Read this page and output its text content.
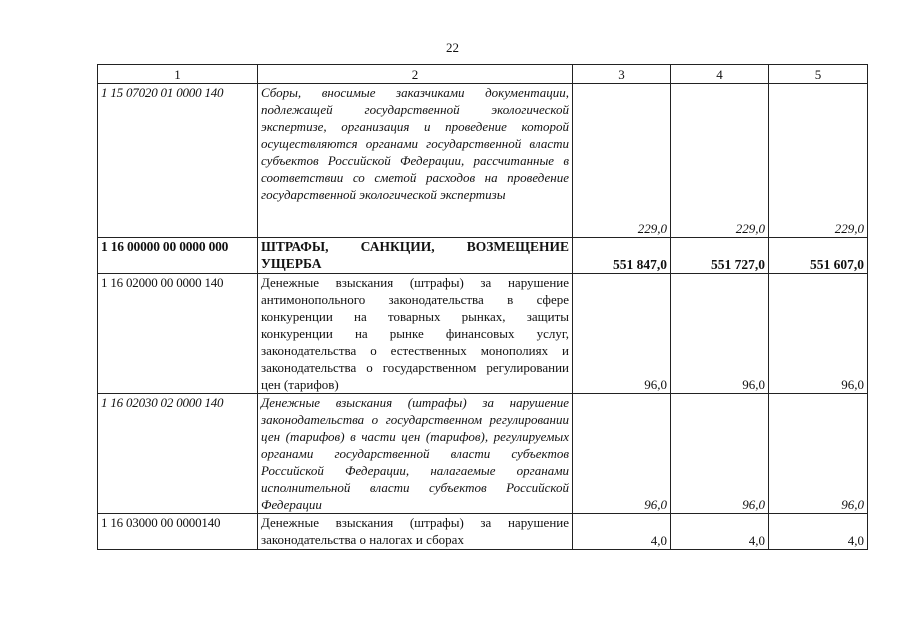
22
1	2	3	4	5
1 15 07020 01 0000 140	Сборы, вносимые заказчиками документации, подлежащей государственной экологической экспертизе, организация и проведение которой осуществляются органами государственной власти субъектов Российской Федерации, рассчитанные в соответствии со сметой расходов на проведение государственной экологической экспертизы	229,0	229,0	229,0
1 16 00000 00 0000 000	ШТРАФЫ, САНКЦИИ, ВОЗМЕЩЕНИЕ УЩЕРБА	551 847,0	551 727,0	551 607,0
1 16 02000 00 0000 140	Денежные взыскания (штрафы) за нарушение антимонопольного законодательства в сфере конкуренции на товарных рынках, защиты конкуренции на рынке финансовых услуг, законодательства о естественных монополиях и законодательства о государственном регулировании цен (тарифов)	96,0	96,0	96,0
1 16 02030 02 0000 140	Денежные взыскания (штрафы) за нарушение законодательства о государственном регулировании цен (тарифов) в части цен (тарифов), регулируемых органами государственной власти субъектов Российской Федерации, налагаемые органами исполнительной власти субъектов Российской Федерации	96,0	96,0	96,0
1 16 03000 00 0000140	Денежные взыскания (штрафы) за нарушение законодательства о налогах и сборах	4,0	4,0	4,0
